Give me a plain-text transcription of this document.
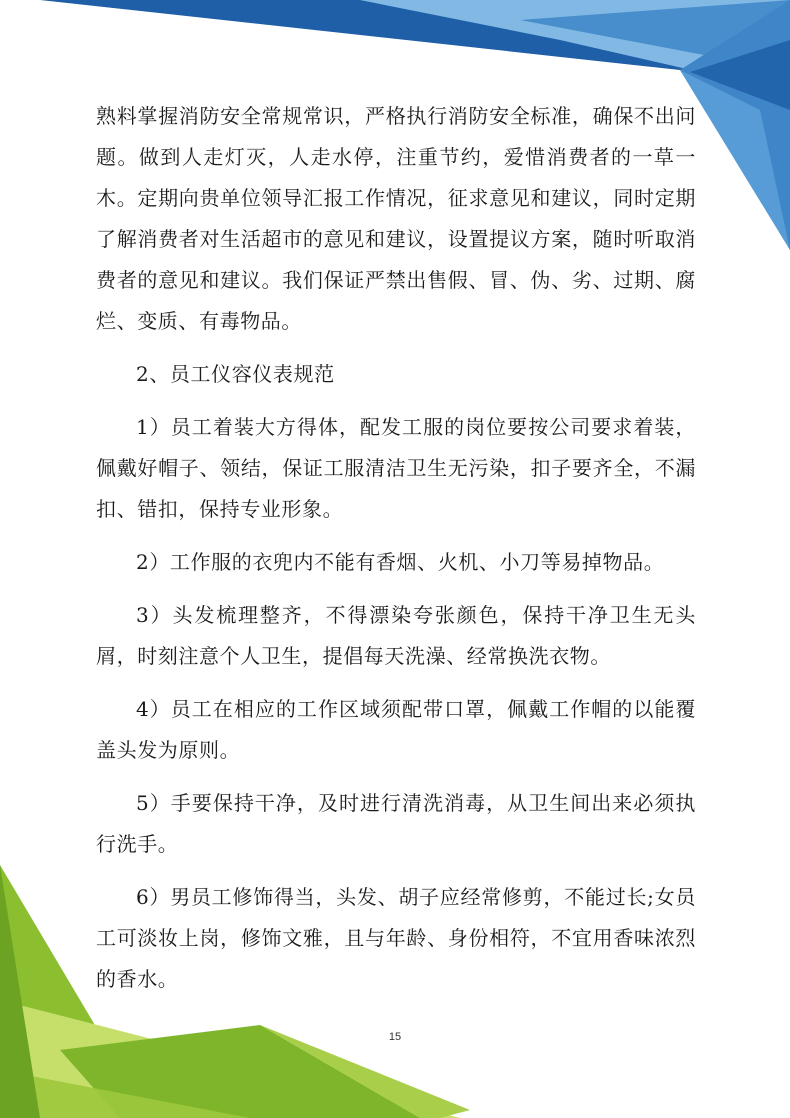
熟料掌握消防安全常规常识，严格执行消防安全标准，确保不出问题。做到人走灯灭，人走水停，注重节约，爱惜消费者的一草一木。定期向贵单位领导汇报工作情况，征求意见和建议，同时定期了解消费者对生活超市的意见和建议，设置提议方案，随时听取消费者的意见和建议。我们保证严禁出售假、冒、伪、劣、过期、腐烂、变质、有毒物品。

2、员工仪容仪表规范

1）员工着装大方得体，配发工服的岗位要按公司要求着装，佩戴好帽子、领结，保证工服清洁卫生无污染，扣子要齐全，不漏扣、错扣，保持专业形象。

2）工作服的衣兜内不能有香烟、火机、小刀等易掉物品。

3）头发梳理整齐，不得漂染夸张颜色，保持干净卫生无头屑，时刻注意个人卫生，提倡每天洗澡、经常换洗衣物。

4）员工在相应的工作区域须配带口罩，佩戴工作帽的以能覆盖头发为原则。

5）手要保持干净，及时进行清洗消毒，从卫生间出来必须执行洗手。

6）男员工修饰得当，头发、胡子应经常修剪，不能过长;女员工可淡妆上岗，修饰文雅，且与年龄、身份相符，不宜用香味浓烈的香水。

15
